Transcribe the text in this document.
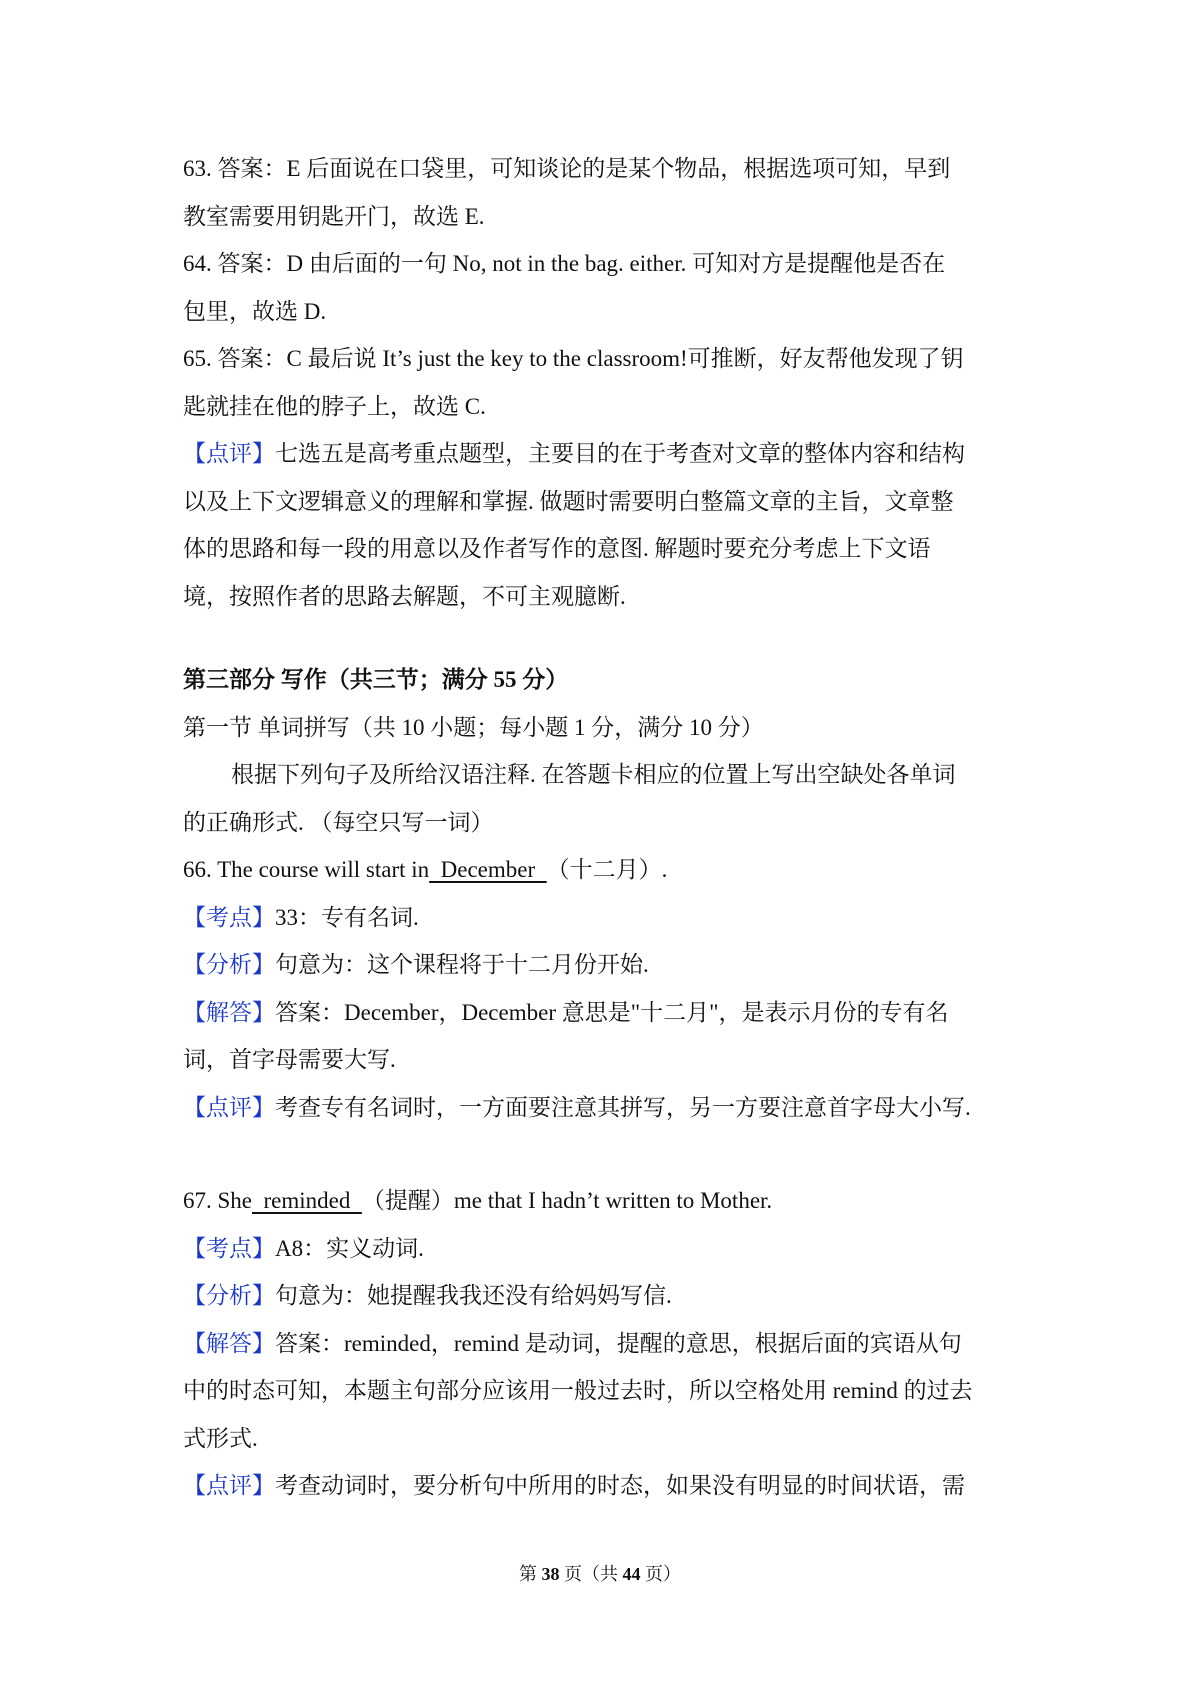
63. 答案：E 后面说在口袋里，可知谈论的是某个物品，根据选项可知，早到
教室需要用钥匙开门，故选 E.
64. 答案：D 由后面的一句 No, not in the bag. either. 可知对方是提醒他是否在
包里，故选 D.
65. 答案：C 最后说 It’s just the key to the classroom!可推断，好友帮他发现了钥
匙就挂在他的脖子上，故选 C.
【点评】七选五是高考重点题型，主要目的在于考查对文章的整体内容和结构
以及上下文逻辑意义的理解和掌握. 做题时需要明白整篇文章的主旨，文章整
体的思路和每一段的用意以及作者写作的意图. 解题时要充分考虑上下文语
境，按照作者的思路去解题，不可主观臆断.
第三部分 写作（共三节；满分 55 分）
第一节 单词拼写（共 10 小题；每小题 1 分，满分 10 分）
根据下列句子及所给汉语注释. 在答题卡相应的位置上写出空缺处各单词
的正确形式. （每空只写一词）
66. The course will start in  December  （十二月）.
【考点】33：专有名词.
【分析】句意为：这个课程将于十二月份开始.
【解答】答案：December，December 意思是"十二月"，是表示月份的专有名
词，首字母需要大写.
【点评】考查专有名词时，一方面要注意其拼写，另一方要注意首字母大小写.
67. She  reminded  （提醒）me that I hadn’t written to Mother.
【考点】A8：实义动词.
【分析】句意为：她提醒我我还没有给妈妈写信.
【解答】答案：reminded，remind 是动词，提醒的意思，根据后面的宾语从句
中的时态可知，本题主句部分应该用一般过去时，所以空格处用 remind 的过去
式形式.
【点评】考查动词时，要分析句中所用的时态，如果没有明显的时间状语，需
第 38 页（共 44 页）
